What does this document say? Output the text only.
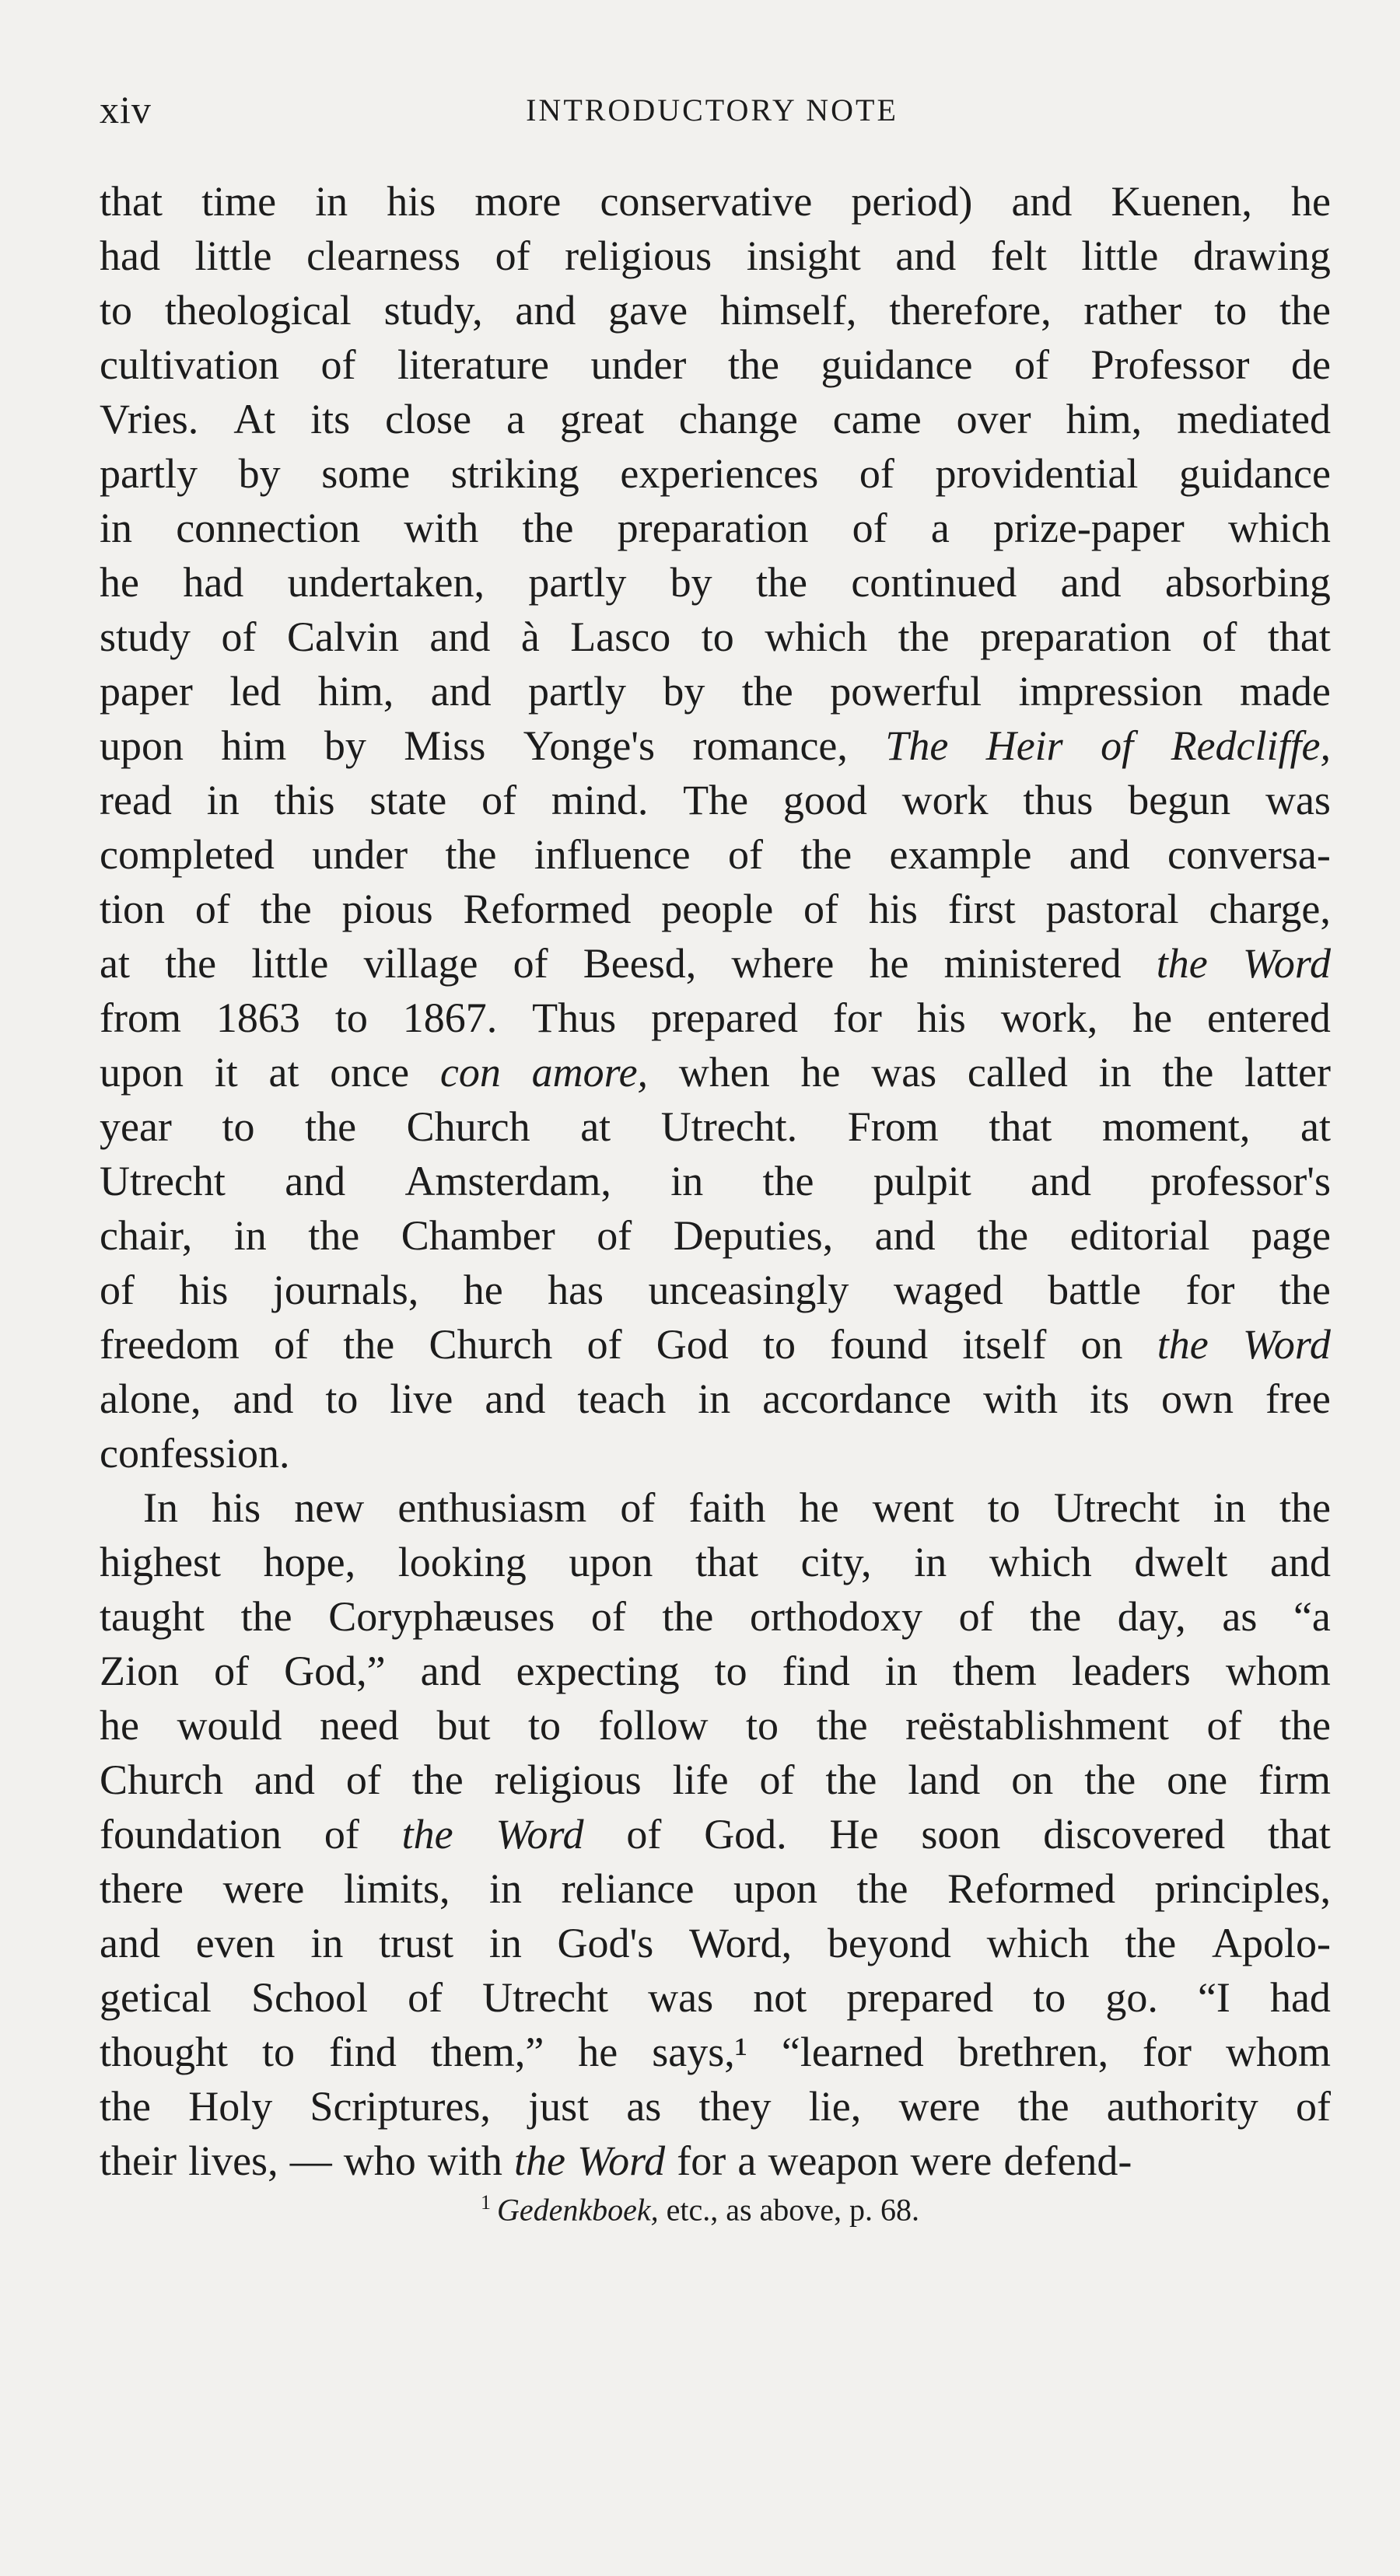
xiv	INTRODUCTORY NOTE
that time in his more conservative period) and Kuenen, he
had little clearness of religious insight and felt little drawing
to theological study, and gave himself, therefore, rather to the
cultivation of literature under the guidance of Professor de
Vries. At its close a great change came over him, mediated
partly by some striking experiences of providential guidance
in connection with the preparation of a prize-paper which
he had undertaken, partly by the continued and absorbing
study of Calvin and à Lasco to which the preparation of that
paper led him, and partly by the powerful impression made
upon him by Miss Yonge's romance, The Heir of Redcliffe,
read in this state of mind. The good work thus begun was
completed under the influence of the example and conversa-
tion of the pious Reformed people of his first pastoral charge,
at the little village of Beesd, where he ministered the Word
from 1863 to 1867. Thus prepared for his work, he entered
upon it at once con amore, when he was called in the latter
year to the Church at Utrecht. From that moment, at
Utrecht and Amsterdam, in the pulpit and professor's
chair, in the Chamber of Deputies, and the editorial page
of his journals, he has unceasingly waged battle for the
freedom of the Church of God to found itself on the Word
alone, and to live and teach in accordance with its own free
confession.
In his new enthusiasm of faith he went to Utrecht in the
highest hope, looking upon that city, in which dwelt and
taught the Coryphæuses of the orthodoxy of the day, as “a
Zion of God,” and expecting to find in them leaders whom
he would need but to follow to the reëstablishment of the
Church and of the religious life of the land on the one firm
foundation of the Word of God. He soon discovered that
there were limits, in reliance upon the Reformed principles,
and even in trust in God's Word, beyond which the Apolo-
getical School of Utrecht was not prepared to go. “I had
thought to find them,” he says,¹ “learned brethren, for whom
the Holy Scriptures, just as they lie, were the authority of
their lives, — who with the Word for a weapon were defend-
$^1$ Gedenkboek, etc., as above, p. 68.
